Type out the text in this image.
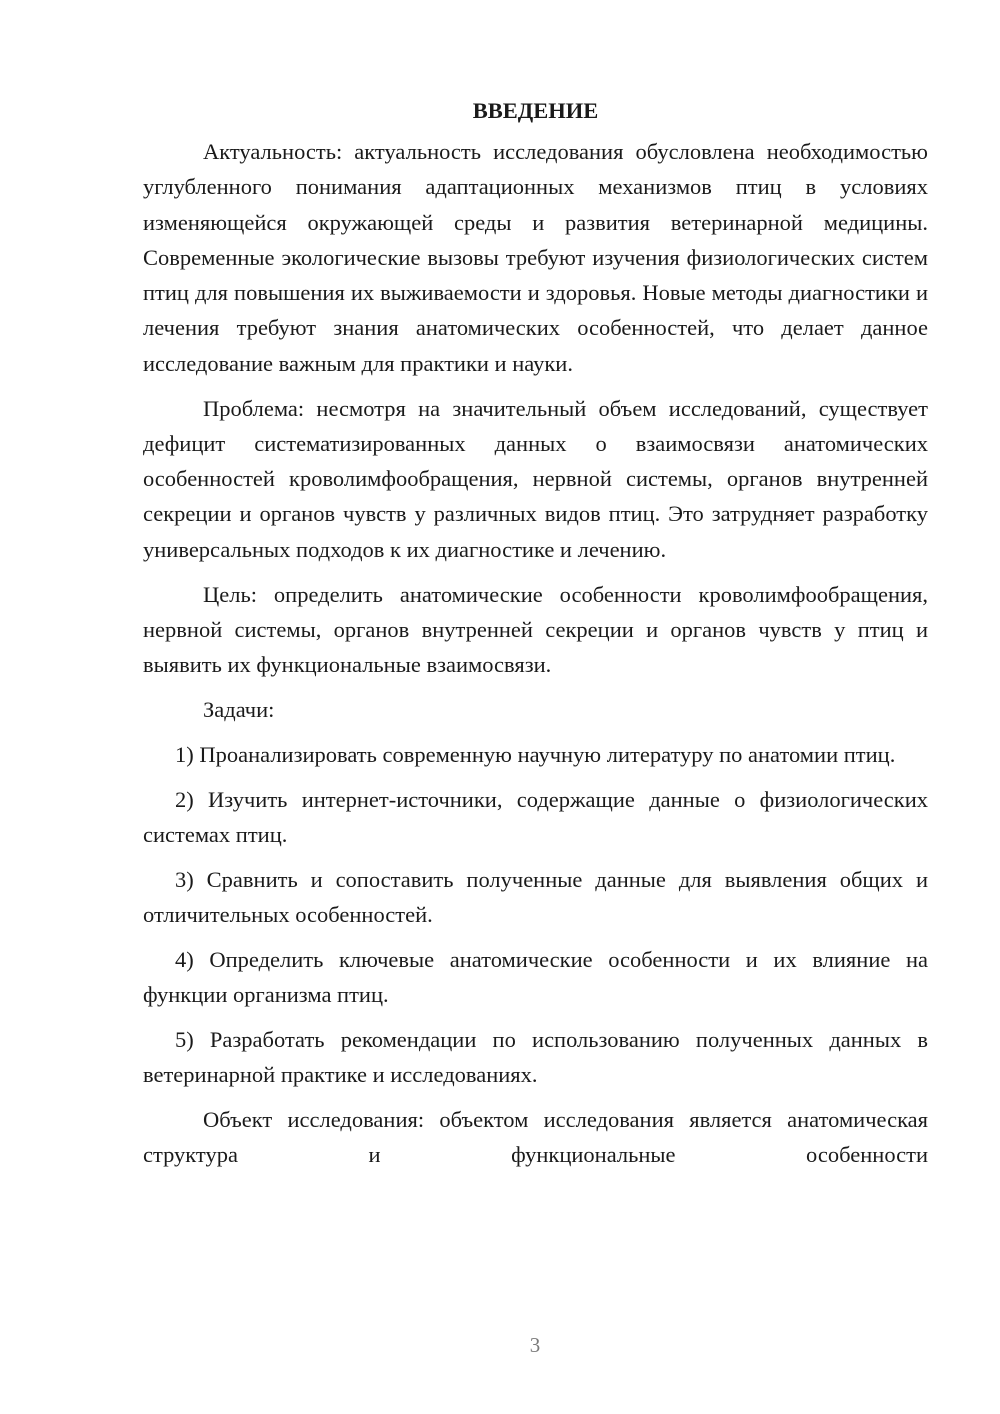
ВВЕДЕНИЕ

Актуальность: актуальность исследования обусловлена необходимостью углубленного понимания адаптационных механизмов птиц в условиях изменяющейся окружающей среды и развития ветеринарной медицины. Современные экологические вызовы требуют изучения физиологических систем птиц для повышения их выживаемости и здоровья. Новые методы диагностики и лечения требуют знания анатомических особенностей, что делает данное исследование важным для практики и науки.

Проблема: несмотря на значительный объем исследований, существует дефицит систематизированных данных о взаимосвязи анатомических особенностей кроволимфообращения, нервной системы, органов внутренней секреции и органов чувств у различных видов птиц. Это затрудняет разработку универсальных подходов к их диагностике и лечению.

Цель: определить анатомические особенности кроволимфообращения, нервной системы, органов внутренней секреции и органов чувств у птиц и выявить их функциональные взаимосвязи.

Задачи:

1) Проанализировать современную научную литературу по анатомии птиц.

2) Изучить интернет-источники, содержащие данные о физиологических системах птиц.

3) Сравнить и сопоставить полученные данные для выявления общих и отличительных особенностей.

4) Определить ключевые анатомические особенности и их влияние на функции организма птиц.

5) Разработать рекомендации по использованию полученных данных в ветеринарной практике и исследованиях.

Объект исследования: объектом исследования является анатомическая структура и функциональные особенности

3
